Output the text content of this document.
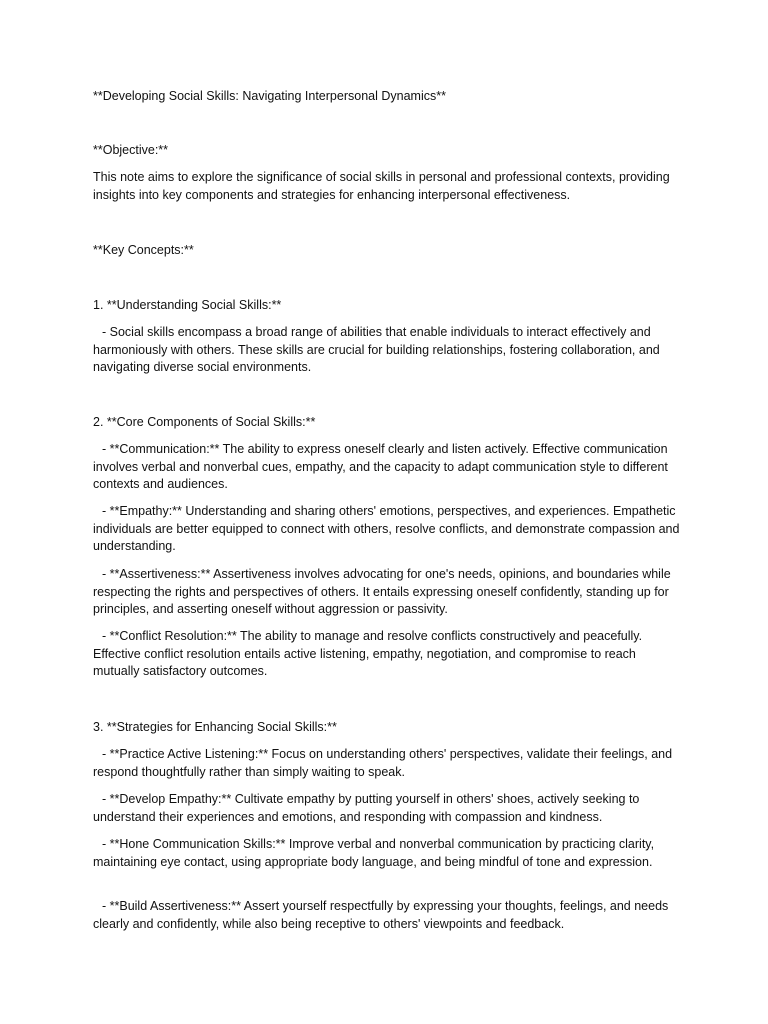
**Developing Social Skills: Navigating Interpersonal Dynamics**

**Objective:**

This note aims to explore the significance of social skills in personal and professional contexts, providing insights into key components and strategies for enhancing interpersonal effectiveness.

**Key Concepts:**

1. **Understanding Social Skills:**

- Social skills encompass a broad range of abilities that enable individuals to interact effectively and harmoniously with others. These skills are crucial for building relationships, fostering collaboration, and navigating diverse social environments.

2. **Core Components of Social Skills:**

- **Communication:** The ability to express oneself clearly and listen actively. Effective communication involves verbal and nonverbal cues, empathy, and the capacity to adapt communication style to different contexts and audiences.

- **Empathy:** Understanding and sharing others' emotions, perspectives, and experiences. Empathetic individuals are better equipped to connect with others, resolve conflicts, and demonstrate compassion and understanding.

- **Assertiveness:** Assertiveness involves advocating for one's needs, opinions, and boundaries while respecting the rights and perspectives of others. It entails expressing oneself confidently, standing up for principles, and asserting oneself without aggression or passivity.

- **Conflict Resolution:** The ability to manage and resolve conflicts constructively and peacefully. Effective conflict resolution entails active listening, empathy, negotiation, and compromise to reach mutually satisfactory outcomes.

3. **Strategies for Enhancing Social Skills:**

- **Practice Active Listening:** Focus on understanding others' perspectives, validate their feelings, and respond thoughtfully rather than simply waiting to speak.

- **Develop Empathy:** Cultivate empathy by putting yourself in others' shoes, actively seeking to understand their experiences and emotions, and responding with compassion and kindness.

- **Hone Communication Skills:** Improve verbal and nonverbal communication by practicing clarity, maintaining eye contact, using appropriate body language, and being mindful of tone and expression.

- **Build Assertiveness:** Assert yourself respectfully by expressing your thoughts, feelings, and needs clearly and confidently, while also being receptive to others' viewpoints and feedback.
